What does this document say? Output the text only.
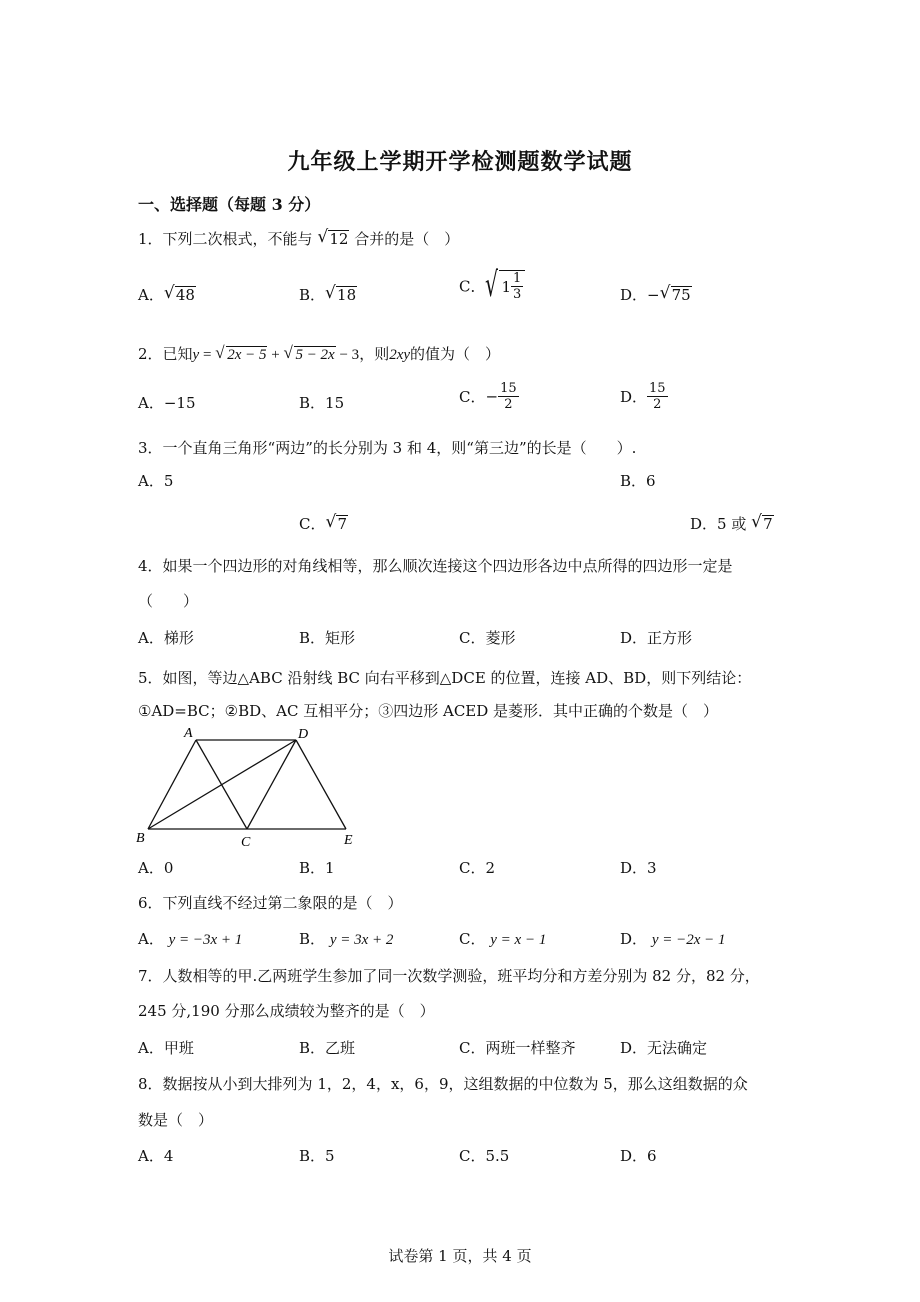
九年级上学期开学检测题数学试题
一、选择题（每题 3 分）
1．下列二次根式，不能与 √ 12 合并的是（　）
A． √ 48	B． √ 18	C． √ $1 \frac{1}{3}$	D．− √ 75
2．已知y = √ 2x − 5 + √ 5 − 2x − 3，则2xy的值为（　）
A．−15	B．15	C．− $\frac{15}{2}$	D． $\frac{15}{2}$
3．一个直角三角形“两边”的长分别为 3 和 4，则“第三边”的长是（　　）.
A．5	B．6
C． √ 7	D．5 或 √ 7
4．如果一个四边形的对角线相等，那么顺次连接这个四边形各边中点所得的四边形一定是
（　　）
A．梯形	B．矩形	C．菱形	D．正方形
5．如图，等边△ABC 沿射线 BC 向右平移到△DCE 的位置，连接 AD、BD，则下列结论：
①AD=BC；②BD、AC 互相平分；③四边形 ACED 是菱形．其中正确的个数是（　）
A	D
B	C	E
A．0	B．1	C．2	D．3
6．下列直线不经过第二象限的是（　）
A． y = −3x + 1	B． y = 3x + 2	C． y = x − 1	D． y = −2x − 1
7．人数相等的甲.乙两班学生参加了同一次数学测验，班平均分和方差分别为 82 分，82 分，
245 分,190 分那么成绩较为整齐的是（　）
A．甲班	B．乙班	C．两班一样整齐	D．无法确定
8．数据按从小到大排列为 1，2，4，x，6，9，这组数据的中位数为 5，那么这组数据的众
数是（　）
A．4	B．5	C．5.5	D．6
试卷第 1 页，共 4 页
